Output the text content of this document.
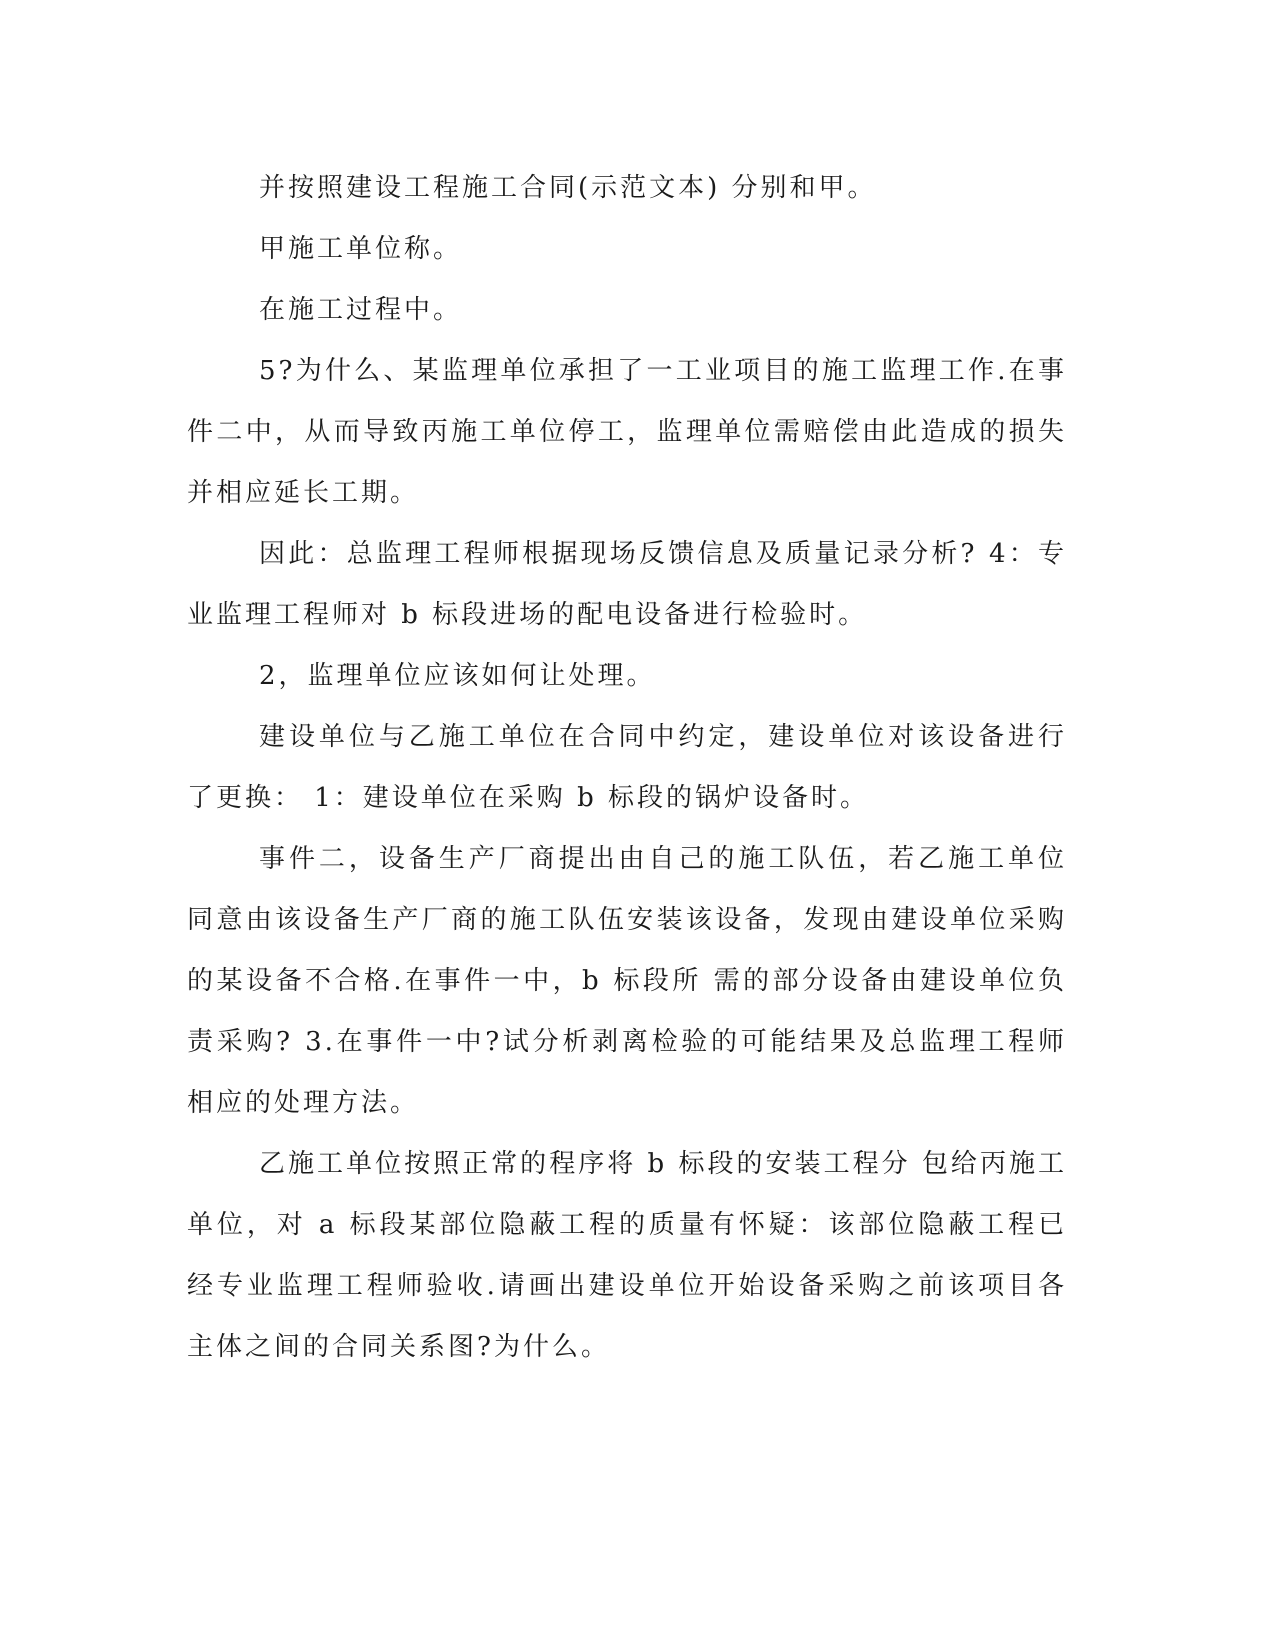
并按照建设工程施工合同(示范文本) 分别和甲。

甲施工单位称。

在施工过程中。

5?为什么、某监理单位承担了一工业项目的施工监理工作.在事件二中，从而导致丙施工单位停工，监理单位需赔偿由此造成的损失并相应延长工期。

因此：总监理工程师根据现场反馈信息及质量记录分析? 4：专业监理工程师对 b 标段进场的配电设备进行检验时。

2，监理单位应该如何让处理。

建设单位与乙施工单位在合同中约定，建设单位对该设备进行了更换： 1：建设单位在采购 b 标段的锅炉设备时。

事件二，设备生产厂商提出由自己的施工队伍，若乙施工单位同意由该设备生产厂商的施工队伍安装该设备，发现由建设单位采购的某设备不合格.在事件一中，b 标段所 需的部分设备由建设单位负责采购? 3.在事件一中?试分析剥离检验的可能结果及总监理工程师相应的处理方法。

乙施工单位按照正常的程序将 b 标段的安装工程分 包给丙施工单位，对 a 标段某部位隐蔽工程的质量有怀疑：该部位隐蔽工程已经专业监理工程师验收.请画出建设单位开始设备采购之前该项目各主体之间的合同关系图?为什么。
